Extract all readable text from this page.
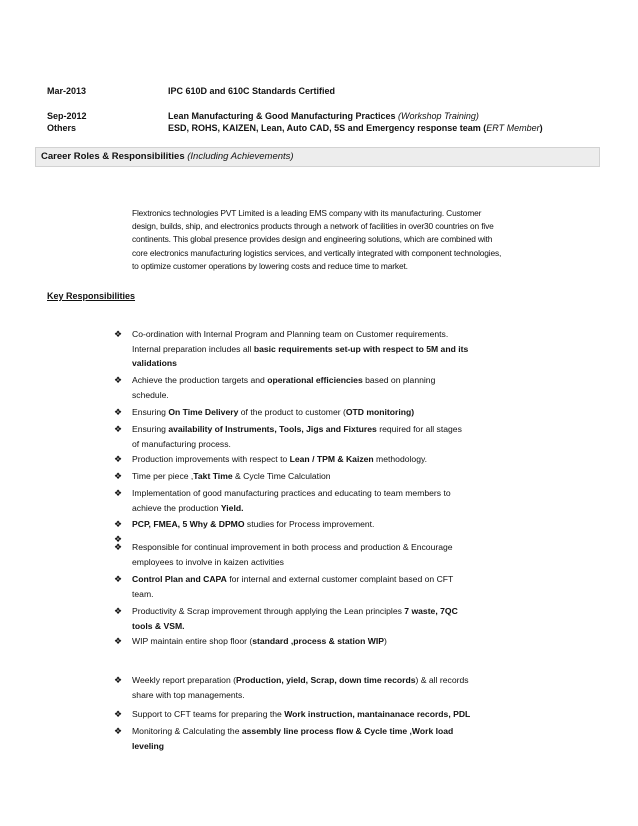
Mar-2013	IPC 610D and 610C Standards Certified
Sep-2012	Lean Manufacturing & Good Manufacturing Practices (Workshop Training)
Others	ESD, ROHS, KAIZEN, Lean, Auto CAD, 5S and Emergency response team (ERT Member)
Career Roles & Responsibilities (Including Achievements)
Flextronics technologies PVT Limited is a leading EMS company with its manufacturing. Customer
design, builds, ship, and electronics products through a network of facilities in over30 countries on five
continents. This global presence provides design and engineering solutions, which are combined with
core electronics manufacturing logistics services, and vertically integrated with component technologies,
to optimize customer operations by lowering costs and reduce time to market.
Key Responsibilities
❖ Co-ordination with Internal Program and Planning team on Customer requirements.
Internal preparation includes all basic requirements set-up with respect to 5M and its
validations
❖ Achieve the production targets and operational efficiencies based on planning
schedule.
❖ Ensuring On Time Delivery of the product to customer (OTD monitoring)
❖ Ensuring availability of Instruments, Tools, Jigs and Fixtures required for all stages
of manufacturing process.
❖ Production improvements with respect to Lean / TPM & Kaizen methodology.
❖ Time per piece ,Takt Time & Cycle Time Calculation
❖ Implementation of good manufacturing practices and educating to team members to
achieve the production Yield.
❖ PCP, FMEA, 5 Why & DPMO studies for Process improvement.
❖
❖ Responsible for continual improvement in both process and production & Encourage
employees to involve in kaizen activities
❖ Control Plan and CAPA for internal and external customer complaint based on CFT
team.
❖ Productivity & Scrap improvement through applying the Lean principles 7 waste, 7QC
tools & VSM.
❖ WIP maintain entire shop floor (standard ,process & station WIP)
❖ Weekly report preparation (Production, yield, Scrap, down time records) & all records
share with top managements.
❖ Support to CFT teams for preparing the Work instruction, mantainanace records, PDL
❖ Monitoring & Calculating the assembly line process flow & Cycle time ,Work load
leveling
